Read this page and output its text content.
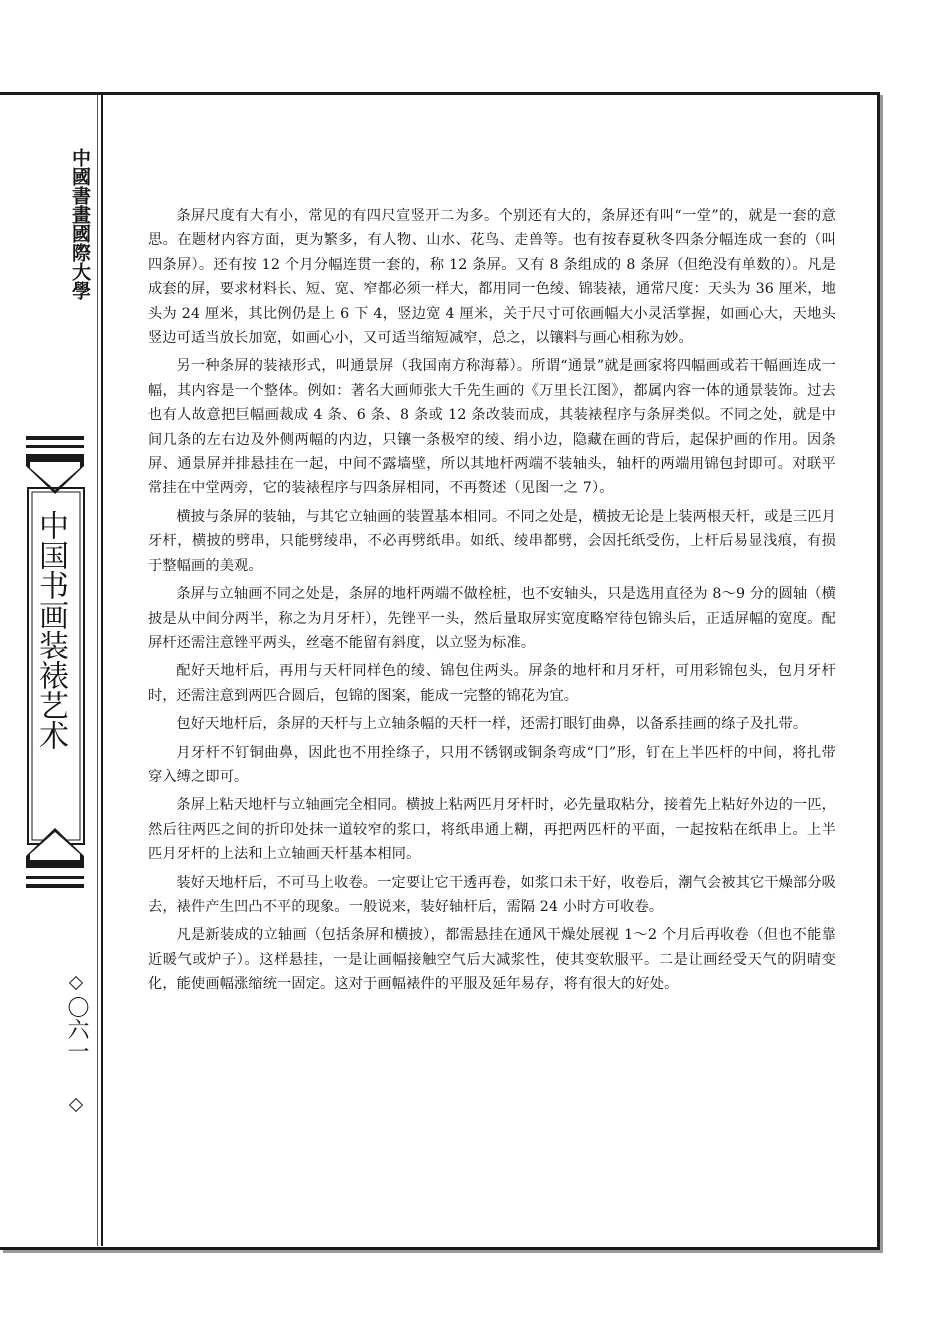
中國書畫國際大學
中国书画装裱艺术
〇六一

条屏尺度有大有小，常见的有四尺宣竖开二为多。个别还有大的，条屏还有叫“一堂”的，就是一套的意思。在题材内容方面，更为繁多，有人物、山水、花鸟、走兽等。也有按春夏秋冬四条分幅连成一套的（叫四条屏）。还有按 12 个月分幅连贯一套的，称 12 条屏。又有 8 条组成的 8 条屏（但绝没有单数的）。凡是成套的屏，要求材料长、短、宽、窄都必须一样大，都用同一色绫、锦装裱，通常尺度：天头为 36 厘米，地头为 24 厘米，其比例仍是上 6 下 4，竖边宽 4 厘米，关于尺寸可依画幅大小灵活掌握，如画心大，天地头竖边可适当放长加宽，如画心小，又可适当缩短减窄，总之，以镶料与画心相称为妙。

另一种条屏的装裱形式，叫通景屏（我国南方称海幕）。所谓“通景”就是画家将四幅画或若干幅画连成一幅，其内容是一个整体。例如：著名大画师张大千先生画的《万里长江图》，都属内容一体的通景装饰。过去也有人故意把巨幅画裁成 4 条、6 条、8 条或 12 条改装而成，其装裱程序与条屏类似。不同之处，就是中间几条的左右边及外侧两幅的内边，只镶一条极窄的绫、绢小边，隐藏在画的背后，起保护画的作用。因条屏、通景屏并排悬挂在一起，中间不露墙壁，所以其地杆两端不装轴头，轴杆的两端用锦包封即可。对联平常挂在中堂两旁，它的装裱程序与四条屏相同，不再赘述（见图一之 7）。

横披与条屏的装轴，与其它立轴画的装置基本相同。不同之处是，横披无论是上装两根天杆，或是三匹月牙杆，横披的劈串，只能劈绫串，不必再劈纸串。如纸、绫串都劈，会因托纸受伤，上杆后易显浅痕，有损于整幅画的美观。

条屏与立轴画不同之处是，条屏的地杆两端不做栓桩，也不安轴头，只是选用直径为 8～9 分的圆轴（横披是从中间分两半，称之为月牙杆），先锉平一头，然后量取屏实宽度略窄待包锦头后，正适屏幅的宽度。配屏杆还需注意锉平两头，丝毫不能留有斜度，以立竖为标准。

配好天地杆后，再用与天杆同样色的绫、锦包住两头。屏条的地杆和月牙杆，可用彩锦包头，包月牙杆时，还需注意到两匹合圆后，包锦的图案，能成一完整的锦花为宜。

包好天地杆后，条屏的天杆与上立轴条幅的天杆一样，还需打眼钉曲鼻，以备系挂画的绦子及扎带。

月牙杆不钉铜曲鼻，因此也不用拴绦子，只用不锈钢或铜条弯成“冂”形，钉在上半匹杆的中间，将扎带穿入缚之即可。

条屏上粘天地杆与立轴画完全相同。横披上粘两匹月牙杆时，必先量取粘分，接着先上粘好外边的一匹，然后往两匹之间的折印处抹一道较窄的浆口，将纸串通上糊，再把两匹杆的平面，一起按粘在纸串上。上半匹月牙杆的上法和上立轴画天杆基本相同。

装好天地杆后，不可马上收卷。一定要让它干透再卷，如浆口未干好，收卷后，潮气会被其它干燥部分吸去，裱件产生凹凸不平的现象。一般说来，装好轴杆后，需隔 24 小时方可收卷。

凡是新装成的立轴画（包括条屏和横披），都需悬挂在通风干燥处展视 1～2 个月后再收卷（但也不能靠近暖气或炉子）。这样悬挂，一是让画幅接触空气后大减浆性，使其变软服平。二是让画经受天气的阴晴变化，能使画幅涨缩统一固定。这对于画幅裱件的平服及延年易存，将有很大的好处。
